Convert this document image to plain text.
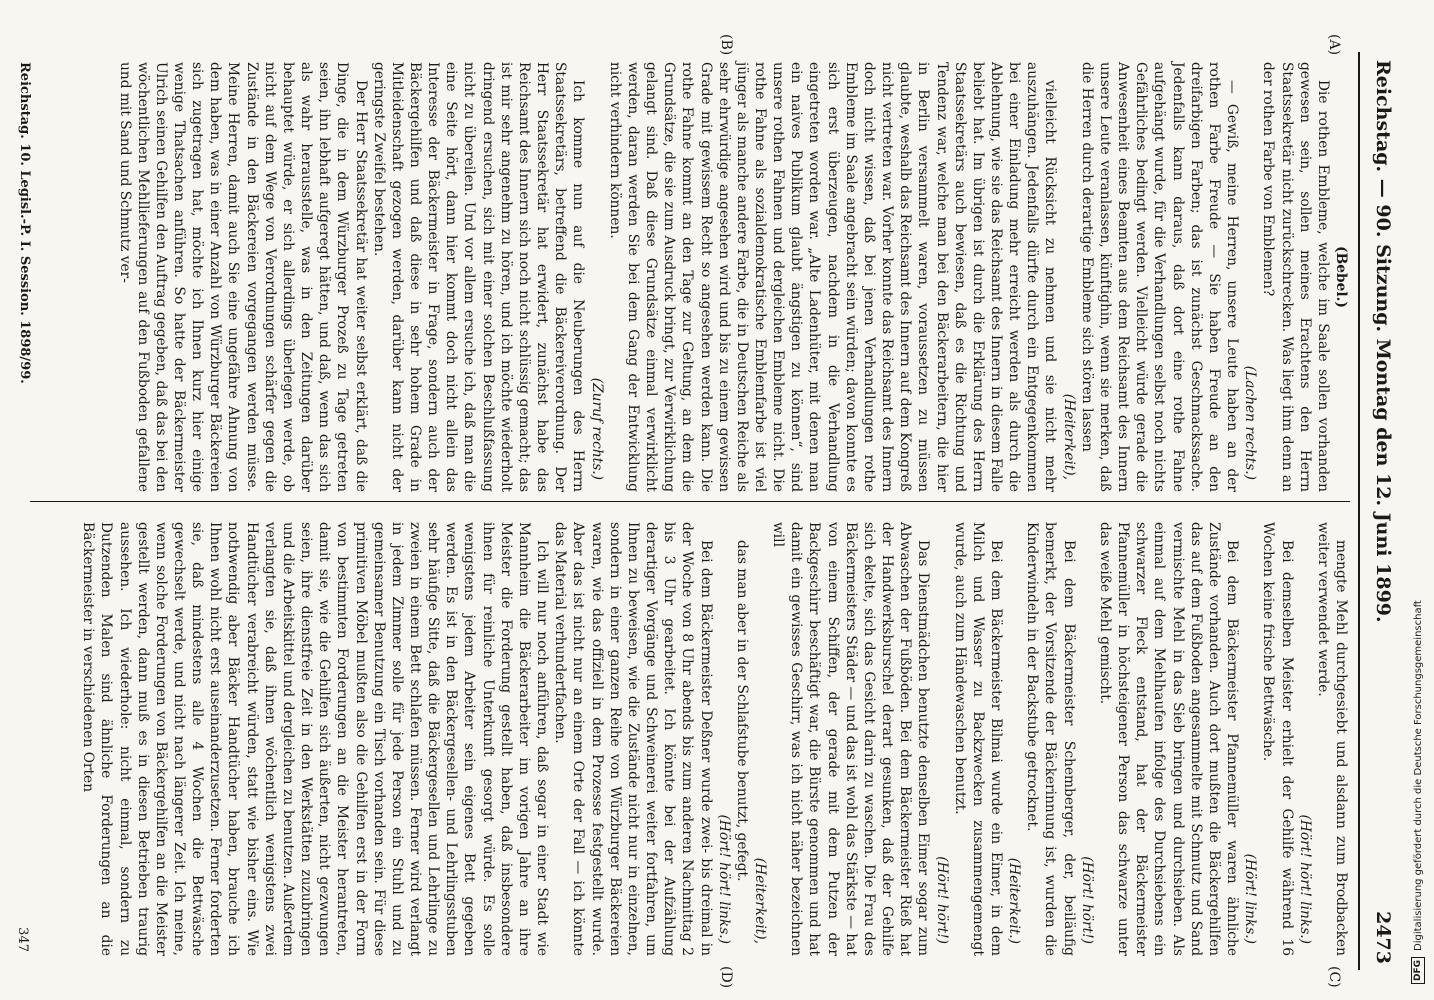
Reichstag. — 90. Sitzung. Montag den 12. Juni 1899.
2473
(A)
(B)
(C)
(D)

(Bebel.)

Die rothen Embleme, welche im Saale sollen vorhanden gewesen sein, sollen meines Erachtens den Herrn Staatssekretär nicht zurückschrecken. Was liegt ihm denn an der rothen Farbe von Emblemen?

(Lachen rechts.)

— Gewiß, meine Herren, unsere Leute haben an der rothen Farbe Freude — Sie haben Freude an den dreifarbigen Farben; das ist zunächst Geschmackssache. Jedenfalls kann daraus, daß dort eine rothe Fahne aufgehängt wurde, für die Verhandlungen selbst noch nichts Gefährliches bedingt werden. Vielleicht würde gerade die Anwesenheit eines Beamten aus dem Reichsamt des Innern unsere Leute veranlassen, künftighin, wenn sie merken, daß die Herren durch derartige Embleme sich stören lassen

(Heiterkeit),

vielleicht Rücksicht zu nehmen und sie nicht mehr auszuhängen. Jedenfalls dürfte durch ein Entgegenkommen bei einer Einladung mehr erreicht werden als durch die Ablehnung, wie sie das Reichsamt des Innern in diesem Falle beliebt hat. Im übrigen ist durch die Erklärung des Herrn Staatssekretärs auch bewiesen, daß es die Richtung und Tendenz war, welche man bei den Bäckerarbeitern, die hier in Berlin versammelt waren, voraussetzen zu müssen glaubte, weshalb das Reichsamt des Innern auf dem Kongreß nicht vertreten war. Vorher konnte das Reichsamt des Innern doch nicht wissen, daß bei jenen Verhandlungen rothe Embleme im Saale angebracht sein würden; davon konnte es sich erst überzeugen, nachdem in die Verhandlung eingetreten worden war. „Alte Ladenhüter, mit denen man ein naives Publikum glaubt ängstigen zu können“, sind unsere rothen Fahnen und dergleichen Embleme nicht. Die rothe Fahne als sozialdemokratische Emblemfarbe ist viel jünger als manche andere Farbe, die in Deutschen Reiche als sehr ehrwürdige angesehen wird und bis zu einem gewissen Grade mit gewissem Recht so angesehen werden kann. Die rothe Fahne kommt an den Tage zur Geltung, an dem die Grundsätze, die sie zum Ausdruck bringt, zur Verwirklichung gelangt sind. Daß diese Grundsätze einmal verwirklicht werden, daran werden Sie bei dem Gang der Entwicklung nicht verhindern können.

(Zuruf rechts.)

Ich komme nun auf die Neuberungen des Herrn Staatssekretärs, betreffend die Bäckereiverordnung. Der Herr Staatssekretär hat erwidert, zunächst habe das Reichsamt des Innern sich noch nicht schlüssig gemacht; das ist mir sehr angenehm zu hören, und ich möchte wiederholt dringend ersuchen, sich mit einer solchen Beschlußfassung nicht zu übereilen. Und vor allem ersuche ich, daß man die eine Seite hört, dann hier kommt doch nicht allein das Interesse der Bäckermeister in Frage, sondern auch der Bäckergehilfen und daß diese in sehr hohem Grade in Mitleidenschaft gezogen werden, darüber kann nicht der geringste Zweifel bestehen.

Der Herr Staatssekretär hat weiter selbst erklärt, daß die Dinge, die in dem Würzburger Prozeß zu Tage getreten seien, ihn lebhaft aufgeregt hätten, und daß, wenn das sich als wahr herausstelle, was in den Zeitungen darüber behauptet würde, er sich allerdings überlegen werde, ob nicht auf dem Wege von Verordnungen schärfer gegen die Zustände in den Bäckereien vorgegangen werden müsse. Meine Herren, damit auch Sie eine ungefähre Ahnung von dem haben, was in einer Anzahl von Würzburger Bäckereien sich zugetragen hat, möchte ich Ihnen kurz hier einige wenige Thatsachen anführen. So hatte der Bäckermeister Ulrich seinen Gehilfen den Auftrag gegeben, daß das bei den wöchentlichen Mehllieferungen auf den Fußboden gefallene und mit Sand und Schmutz ver-

mengte Mehl durchgesiebt und alsdann zum Brodbacken weiter verwendet werde.

(Hört! hört! links.)

Bei demselben Meister erhielt der Gehilfe während 16 Wochen keine frische Bettwäsche.

(Hört! links.)

Bei dem Bäckermeister Pfannemüller waren ähnliche Zustände vorhanden. Auch dort mußten die Bäckergehilfen das auf dem Fußboden angesammelte mit Schmutz und Sand vermischte Mehl in das Sieb bringen und durchsieben. Als einmal auf dem Mehlhaufen infolge des Durchsiebens ein schwarzer Fleck entstand, hat der Bäckermeister Pfannemüller in höchsteigener Person das schwarze unter das weiße Mehl gemischt.

(Hört! hört!)

Bei dem Bäckermeister Schemberger, der, beiläufig bemerkt, der Vorsitzende der Bäckerinnung ist, wurden die Kinderwindeln in der Backstube getrocknet.

(Heiterkeit.)

Bei dem Bäckermeister Bilmai wurde ein Eimer, in dem Milch und Wasser zu Backzwecken zusammengemengt wurde, auch zum Händewaschen benutzt.

(Hört! hört!)

Das Dienstmädchen benutzte denselben Eimer sogar zum Abwaschen der Fußböden. Bei dem Bäckermeister Rieß hat der Handwerksburschel derart gesunken, daß der Gehilfe sich ekelte, sich das Gesicht darin zu waschen. Die Frau des Bäckermeisters Städer — und das ist wohl das Stärkste — hat von einem Schiffen, der gerade mit dem Putzen der Backgeschirr beschäftigt war, die Bürste genommen und hat damit ein gewisses Geschirr, was ich nicht näher bezeichnen will

(Heiterkeit),

das man aber in der Schlafstube benutzt, gefegt.

(Hört! hört! links.)

Bei dem Bäckermeister Deßner wurde zwei- bis dreimal in der Woche von 8 Uhr abends bis zum anderen Nachmittag 2 bis 3 Uhr gearbeitet. Ich könnte bei der Aufzählung derartiger Vorgänge und Schweinerei weiter fortfahren, um Ihnen zu beweisen, wie die Zustände nicht nur in einzelnen, sondern in einer ganzen Reihe von Würzburger Bäckereien waren, wie das offiziell in dem Prozesse festgestellt wurde. Aber das ist nicht nur an einem Orte der Fall — ich könnte das Material verhundertfachen.

Ich will nur noch anführen, daß sogar in einer Stadt wie Mannheim die Bäckerarbeiter im vorigen Jahre an ihre Meister die Forderung gestellt haben, daß insbesondere ihnen für reinliche Unterkunft gesorgt würde. Es solle wenigstens jedem Arbeiter sein eigenes Bett gegeben werden. Es ist in den Bäckergesellen- und Lehrlingsstuben sehr häufige Sitte, daß die Bäckergesellen und Lehrlinge zu zweien in einem Bett schlafen müssen. Ferner wird verlangt in jedem Zimmer solle für jede Person ein Stuhl und zu gemeinsamer Benutzung ein Tisch vorhanden sein. Für diese primitiven Möbel mußten also die Gehilfen erst in der Form von bestimmten Forderungen an die Meister herantreten, damit sie, wie die Gehilfen sich äußerten, nicht gezwungen seien, ihre dienstfreie Zeit in den Werkstätten zuzubringen und die Arbeitskittel und dergleichen zu benutzen. Außerdem verlangten sie, daß ihnen wöchentlich wenigstens zwei Handtücher verabreicht würden, statt wie bisher eins. Wie nothwendig aber Bäcker Handtücher haben, brauche ich Ihnen wohl nicht erst auseinanderzusetzen. Ferner forderten sie, daß mindestens alle 4 Wochen die Bettwäsche gewechselt werde, und nicht nach längerer Zeit. Ich meine, wenn solche Forderungen von Bäckergehilfen an die Meister gestellt werden, dann muß es in diesen Betrieben traurig aussehen. Ich wiederhole: nicht einmal, sondern zu Dutzenden Malen sind ähnliche Forderungen an die Bäckermeister in verschiedenen Orten

Reichstag. 10. Legisl.-P. I. Session. 1898/99.
347
DFGDigitalisierung gefördert durch die Deutsche Forschungsgemeinschaft
